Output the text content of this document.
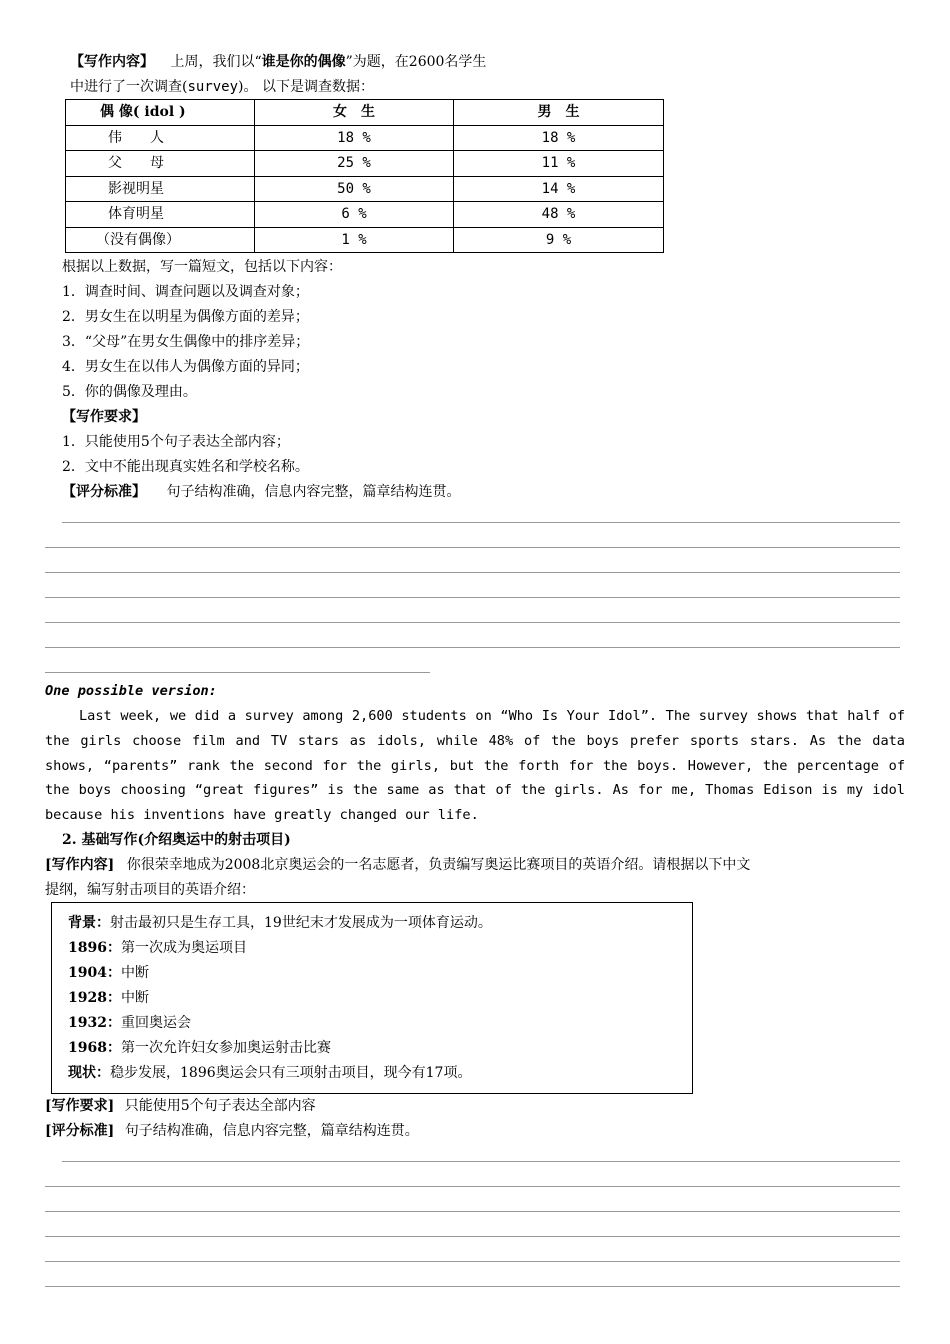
【写作内容】 上周，我们以“谁是你的偶像”为题，在2600名学生
中进行了一次调查(survey)。 以下是调查数据：
偶 像( idol )	女　生	男　生
伟　　人	18 %	18 %
父　　母	25 %	11 %
影视明星	50 %	14 %
体育明星	6 %	48 %
（没有偶像）	1 %	9 %
根据以上数据，写一篇短文，包括以下内容：
1．调查时间、调查问题以及调查对象；
2．男女生在以明星为偶像方面的差异；
3．“父母”在男女生偶像中的排序差异；
4．男女生在以伟人为偶像方面的异同；
5．你的偶像及理由。
【写作要求】
1．只能使用5个句子表达全部内容；
2．文中不能出现真实姓名和学校名称。
【评分标准】 句子结构准确，信息内容完整，篇章结构连贯。
One possible version:
Last week, we did a survey among 2,600 students on “Who Is Your Idol”. The survey shows that half of the girls choose film and TV stars as idols, while 48% of the boys prefer sports stars. As the data shows, “parents” rank the second for the girls, but the forth for the boys. However, the percentage of the boys choosing “great figures” is the same as that of the girls. As for me, Thomas Edison is my idol because his inventions have greatly changed our life.
2. 基础写作(介绍奥运中的射击项目)
[写作内容] 你很荣幸地成为2008北京奥运会的一名志愿者，负责编写奥运比赛项目的英语介绍。请根据以下中文
提纲，编写射击项目的英语介绍：
背景：射击最初只是生存工具，19世纪末才发展成为一项体育运动。
1896：第一次成为奥运项目
1904：中断
1928：中断
1932：重回奥运会
1968：第一次允许妇女参加奥运射击比赛
现状：稳步发展，1896奥运会只有三项射击项目，现今有17项。
[写作要求] 只能使用5个句子表达全部内容
[评分标准] 句子结构准确，信息内容完整，篇章结构连贯。
